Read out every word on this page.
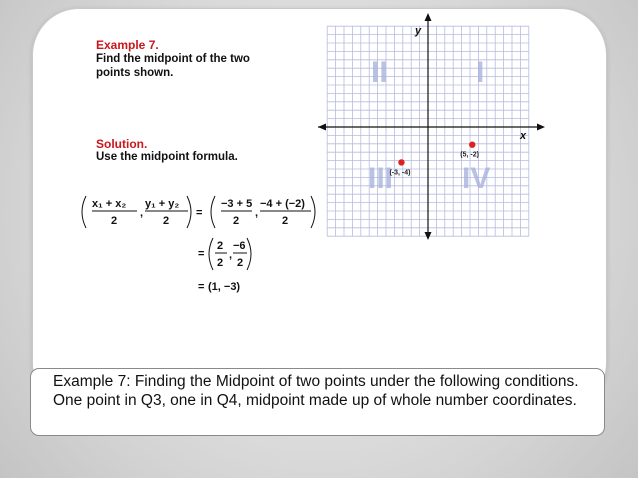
Example 7.
Find the midpoint of the two
points shown.
Solution.
Use the midpoint formula.
x₁ + x₂
2
,
y₁ + y₂
2
=
−3 + 5
2
,
−4 + (−2)
2
=
2
2
,
−6
2
= (1, −3)
II	I
III IV
x
y
(-3, -4)
(5, -2)
Example 7: Finding the Midpoint of two points under the following conditions. One point in Q3, one in Q4, midpoint made up of whole number coordinates.
